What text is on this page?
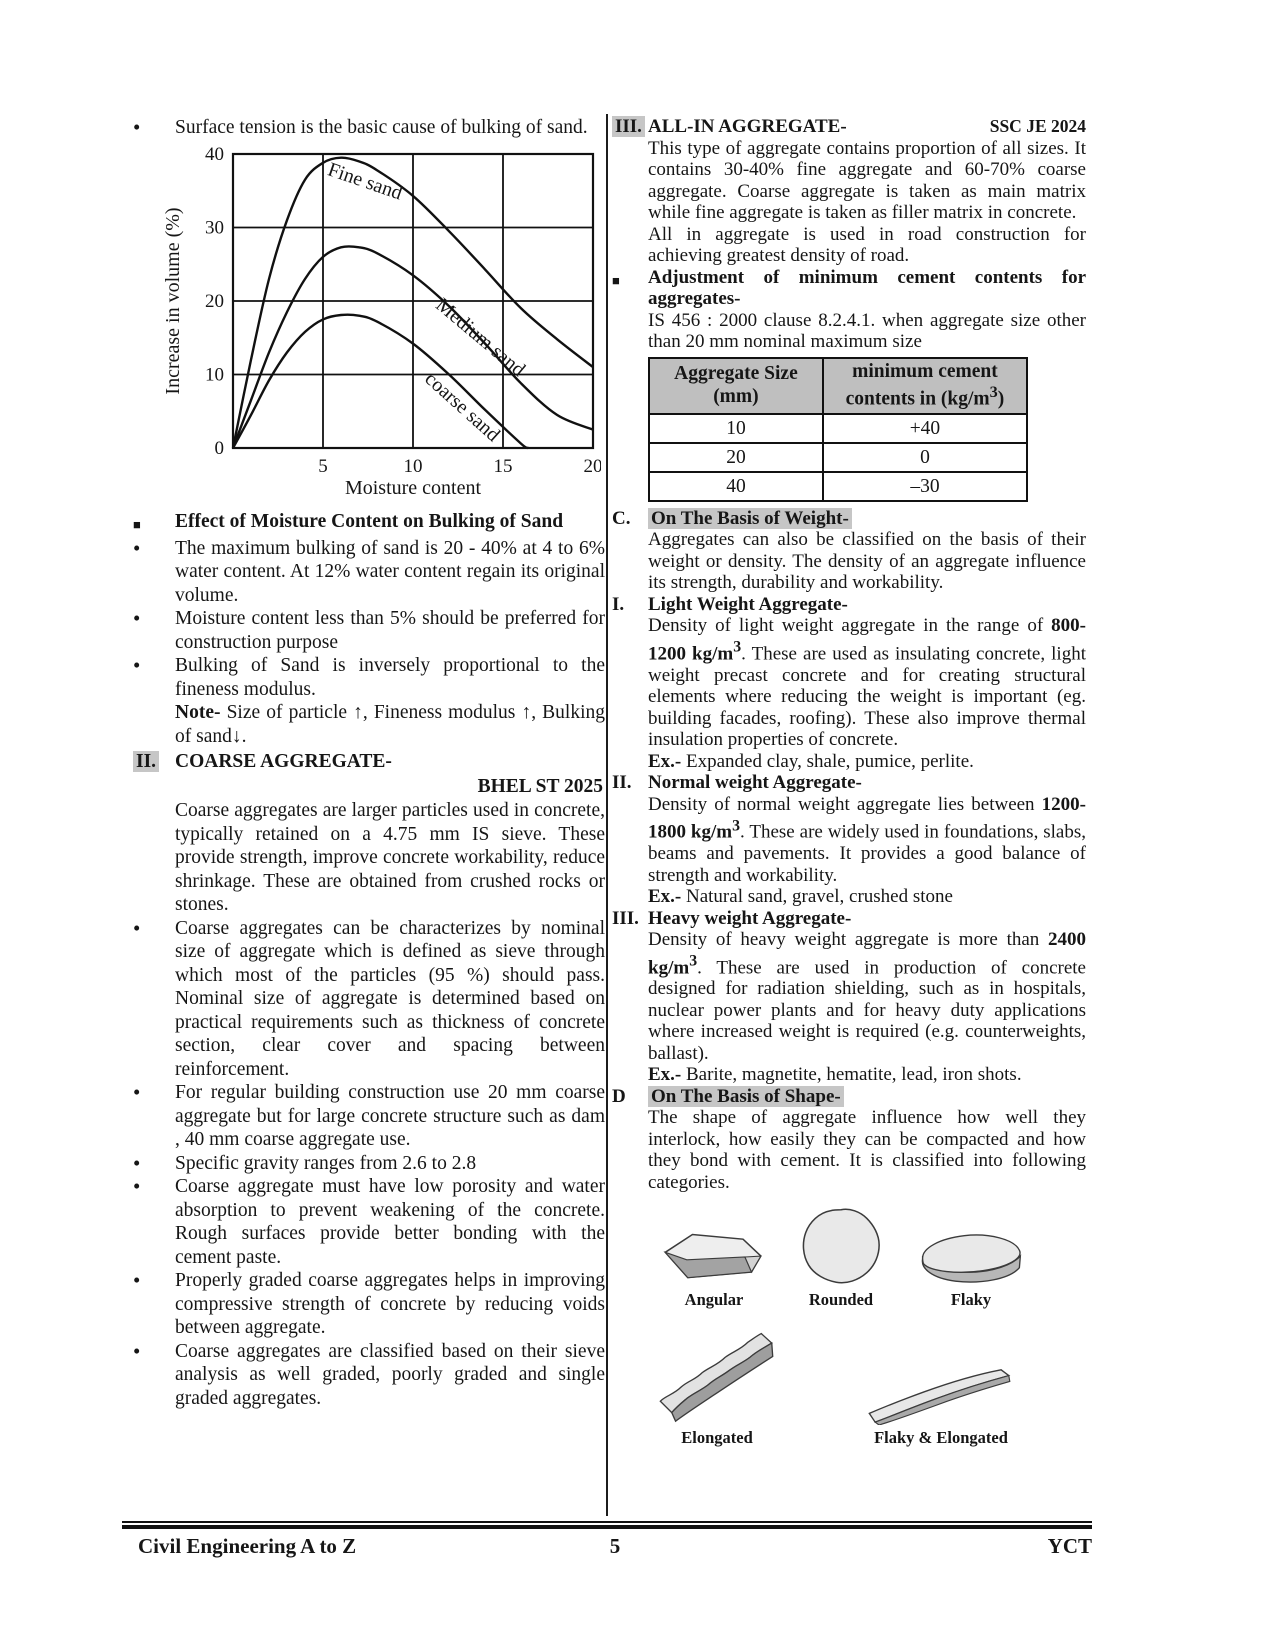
•	Surface tension is the basic cause of bulking of sand.
5	10	15	20
0
10
20
30
40
Moisture content
Increase in volume (%)
Fine sand
Medium sand
coarse sand
■	Effect of Moisture Content on Bulking of Sand
•	The maximum bulking of sand is 20 - 40% at 4 to 6% water content. At 12% water content regain its original volume.
•	Moisture content less than 5% should be preferred for construction purpose
•	Bulking of Sand is inversely proportional to the fineness modulus.
Note- Size of particle ↑, Fineness modulus ↑, Bulking of sand↓.
II. COARSE AGGREGATE-
BHEL ST 2025
Coarse aggregates are larger particles used in concrete, typically retained on a 4.75 mm IS sieve. These provide strength, improve concrete workability, reduce shrinkage. These are obtained from crushed rocks or stones.
•	Coarse aggregates can be characterizes by nominal size of aggregate which is defined as sieve through which most of the particles (95 %) should pass. Nominal size of aggregate is determined based on practical requirements such as thickness of concrete section, clear cover and spacing between reinforcement.
•	For regular building construction use 20 mm coarse aggregate but for large concrete structure such as dam , 40 mm coarse aggregate use.
•	Specific gravity ranges from 2.6 to 2.8
•	Coarse aggregate must have low porosity and water absorption to prevent weakening of the concrete. Rough surfaces provide better bonding with the cement paste.
•	Properly graded coarse aggregates helps in improving compressive strength of concrete by reducing voids between aggregate.
•	Coarse aggregates are classified based on their sieve analysis as well graded, poorly graded and single graded aggregates.
III. ALL-IN AGGREGATE-	SSC JE 2024
This type of aggregate contains proportion of all sizes. It contains 30-40% fine aggregate and 60-70% coarse aggregate. Coarse aggregate is taken as main matrix while fine aggregate is taken as filler matrix in concrete.
All in aggregate is used in road construction for achieving greatest density of road.
■	Adjustment of minimum cement contents for aggregates-
IS 456 : 2000 clause 8.2.4.1. when aggregate size other than 20 mm nominal maximum size
Aggregate Size
(mm)	minimum cement contents in $(kg/m^3)$
10	+40
20	0
40	–30
C.	On The Basis of Weight-
Aggregates can also be classified on the basis of their weight or density. The density of an aggregate influence its strength, durability and workability.
I.	Light Weight Aggregate-
Density of light weight aggregate in the range of 800-1200 $kg/m^3$. These are used as insulating concrete, light weight precast concrete and for creating structural elements where reducing the weight is important (eg. building facades, roofing). These also improve thermal insulation properties of concrete.
Ex.- Expanded clay, shale, pumice, perlite.
II. Normal weight Aggregate-
Density of normal weight aggregate lies between 1200-1800 $kg/m^3$. These are widely used in foundations, slabs, beams and pavements. It provides a good balance of strength and workability.
Ex.- Natural sand, gravel, crushed stone
III. Heavy weight Aggregate-
Density of heavy weight aggregate is more than 2400 $kg/m^3$. These are used in production of concrete designed for radiation shielding, such as in hospitals, nuclear power plants and for heavy duty applications where increased weight is required (e.g. counterweights, ballast).
Ex.- Barite, magnetite, hematite, lead, iron shots.
D	On The Basis of Shape-
The shape of aggregate influence how well they interlock, how easily they can be compacted and how they bond with cement. It is classified into following categories.
Angular	Rounded	Flaky
Elongated	Flaky & Elongated
Civil Engineering A to Z	5	YCT
